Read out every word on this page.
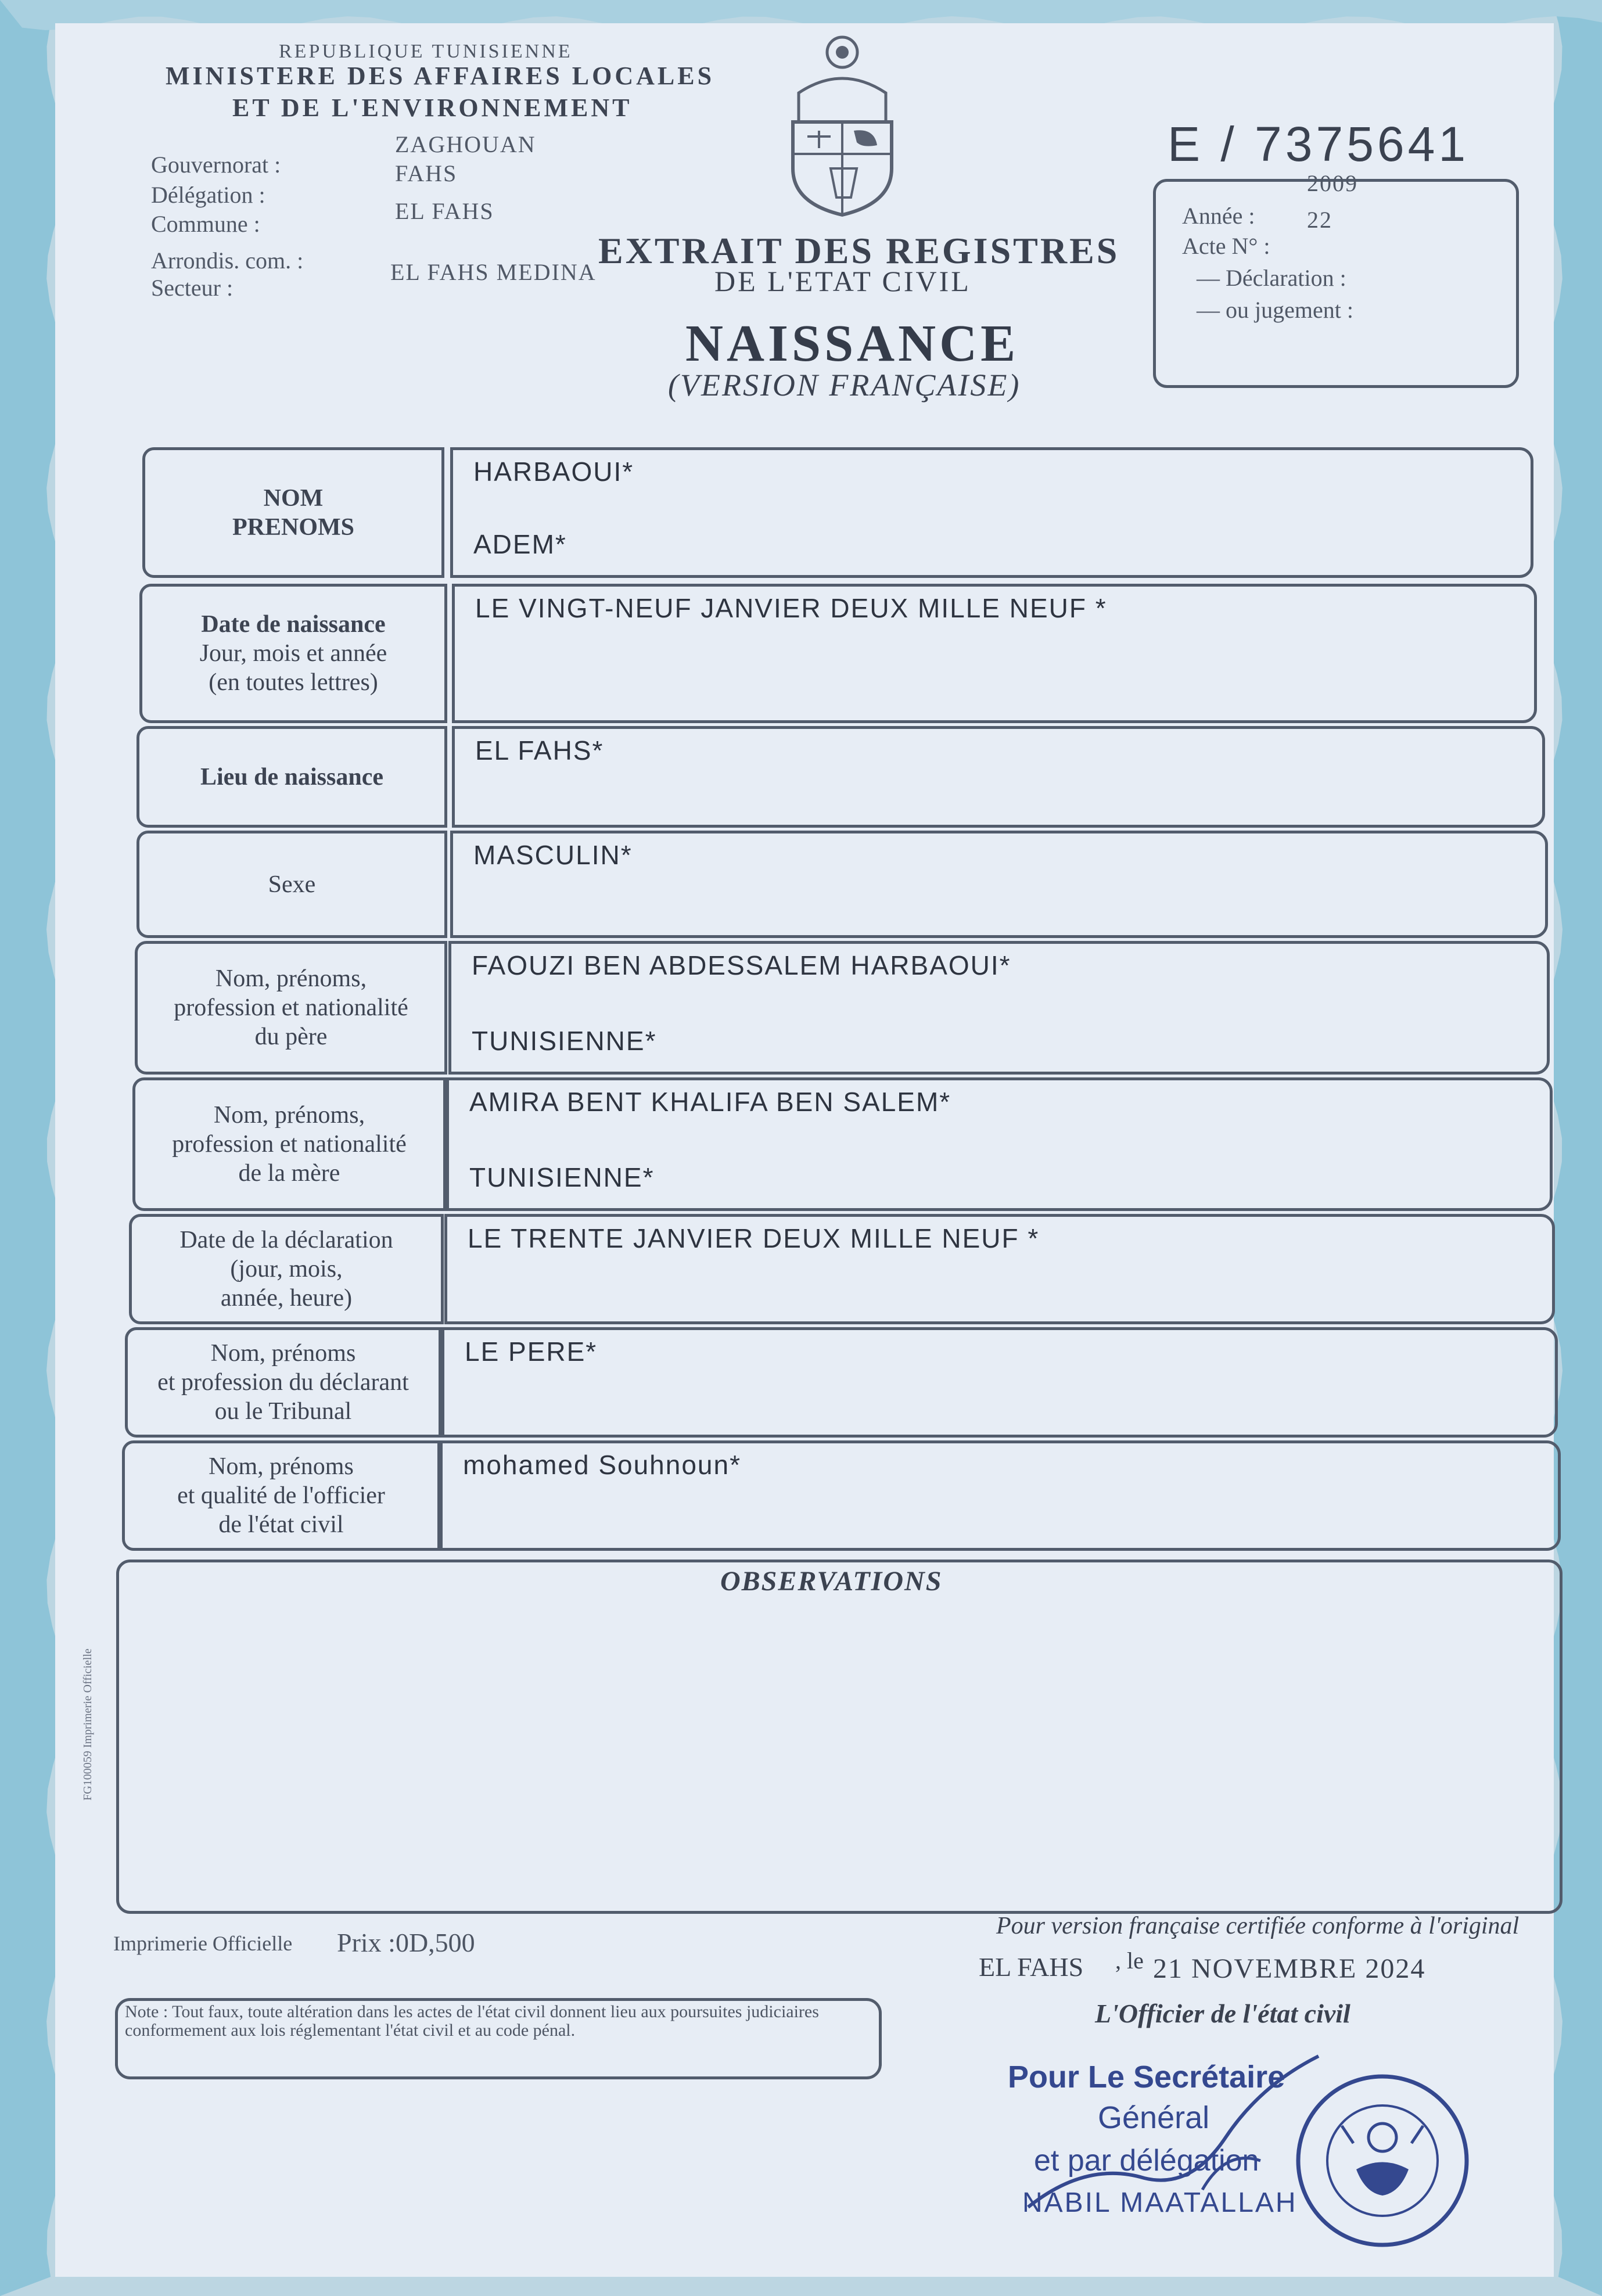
REPUBLIQUE TUNISIENNE
MINISTERE DES AFFAIRES LOCALES
ET DE L'ENVIRONNEMENT
ZAGHOUAN
Gouvernorat :	FAHS
Délégation :
EL FAHS
Commune :
Arrondis. com. :	EL FAHS MEDINA
Secteur :
EXTRAIT DES REGISTRES
DE L'ETAT CIVIL
NAISSANCE
(VERSION FRANÇAISE)
E / 7375641
2009
Année : 22
Acte N° :
— Déclaration :
— ou jugement :
NOM
PRENOMS
HARBAOUI*
ADEM*
Date de naissance
Jour, mois et année
(en toutes lettres)
LE VINGT-NEUF JANVIER DEUX MILLE NEUF *
Lieu de naissance
EL FAHS*
Sexe
MASCULIN*
Nom, prénoms,
profession et nationalité
du père
FAOUZI BEN ABDESSALEM HARBAOUI*
TUNISIENNE*
Nom, prénoms,
profession et nationalité
de la mère
AMIRA BENT KHALIFA BEN SALEM*
TUNISIENNE*
Date de la déclaration
(jour, mois,
année, heure)
LE TRENTE JANVIER DEUX MILLE NEUF *
Nom, prénoms
et profession du déclarant
ou le Tribunal
LE PERE*
Nom, prénoms
et qualité de l'officier
de l'état civil
mohamed Souhnoun*
OBSERVATIONS
FG100059 Imprimerie Officielle
Imprimerie Officielle Prix :0D,500
Pour version française certifiée conforme à l'original
EL FAHS , le 21 NOVEMBRE 2024
L'Officier de l'état civil
Note : Tout faux, toute altération dans les actes de l'état civil donnent lieu aux poursuites judiciaires conformement aux lois réglementant l'état civil et au code pénal.
Pour Le Secrétaire
Général
et par délégation
NABIL MAATALLAH
